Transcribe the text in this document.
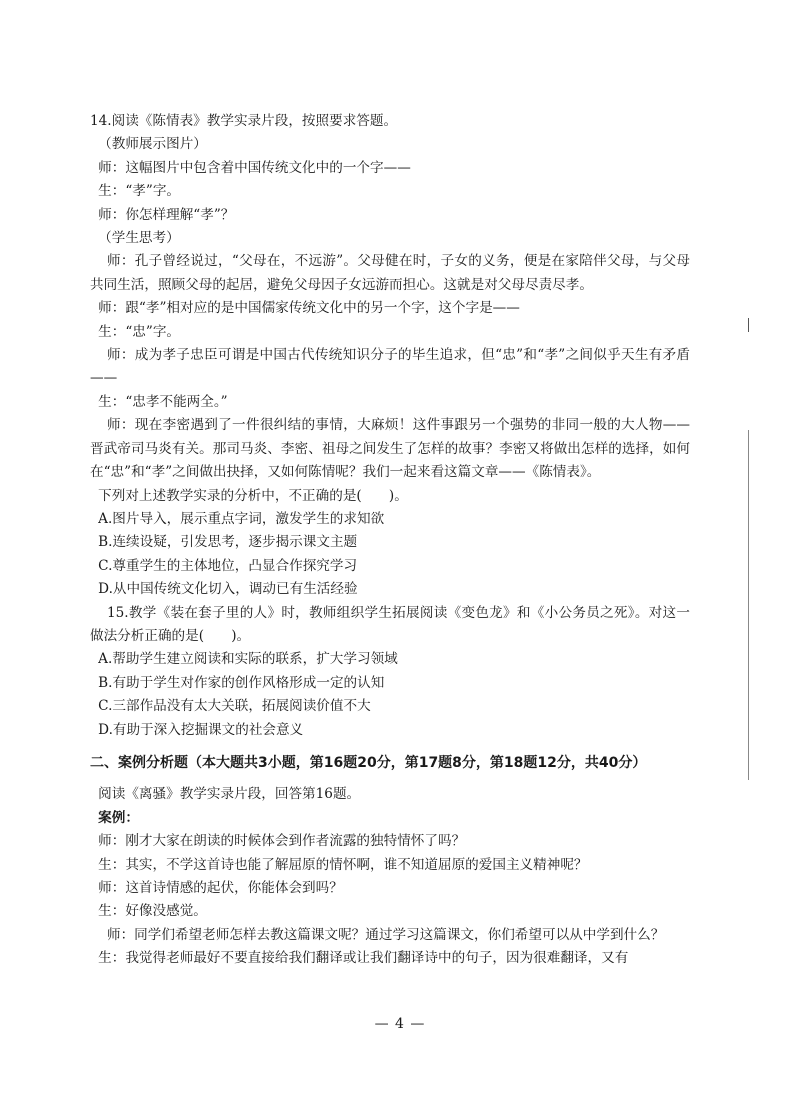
14.阅读《陈情表》教学实录片段，按照要求答题。
（教师展示图片）
师：这幅图片中包含着中国传统文化中的一个字——
生：“孝”字。
师：你怎样理解“孝”？
（学生思考）
师：孔子曾经说过，“父母在，不远游”。父母健在时，子女的义务，便是在家陪伴父母，与父母共同生活，照顾父母的起居，避免父母因子女远游而担心。这就是对父母尽责尽孝。
师：跟“孝”相对应的是中国儒家传统文化中的另一个字，这个字是——
生：“忠”字。
师：成为孝子忠臣可谓是中国古代传统知识分子的毕生追求，但“忠”和“孝”之间似乎天生有矛盾——
生：“忠孝不能两全。”
师：现在李密遇到了一件很纠结的事情，大麻烦！这件事跟另一个强势的非同一般的大人物——晋武帝司马炎有关。那司马炎、李密、祖母之间发生了怎样的故事？李密又将做出怎样的选择，如何在“忠”和“孝”之间做出抉择，又如何陈情呢？我们一起来看这篇文章——《陈情表》。
下列对上述教学实录的分析中，不正确的是(　　)。
A.图片导入，展示重点字词，激发学生的求知欲
B.连续设疑，引发思考，逐步揭示课文主题
C.尊重学生的主体地位，凸显合作探究学习
D.从中国传统文化切入，调动已有生活经验
15.教学《装在套子里的人》时，教师组织学生拓展阅读《变色龙》和《小公务员之死》。对这一做法分析正确的是(　　)。
A.帮助学生建立阅读和实际的联系，扩大学习领域
B.有助于学生对作家的创作风格形成一定的认知
C.三部作品没有太大关联，拓展阅读价值不大
D.有助于深入挖掘课文的社会意义
二、案例分析题（本大题共3小题，第16题20分，第17题8分，第18题12分，共40分）
阅读《离骚》教学实录片段，回答第16题。
案例：
师：刚才大家在朗读的时候体会到作者流露的独特情怀了吗？
生：其实，不学这首诗也能了解屈原的情怀啊，谁不知道屈原的爱国主义精神呢？
师：这首诗情感的起伏，你能体会到吗？
生：好像没感觉。
师：同学们希望老师怎样去教这篇课文呢？通过学习这篇课文，你们希望可以从中学到什么？
生：我觉得老师最好不要直接给我们翻译或让我们翻译诗中的句子，因为很难翻译，又有
— 4 —
